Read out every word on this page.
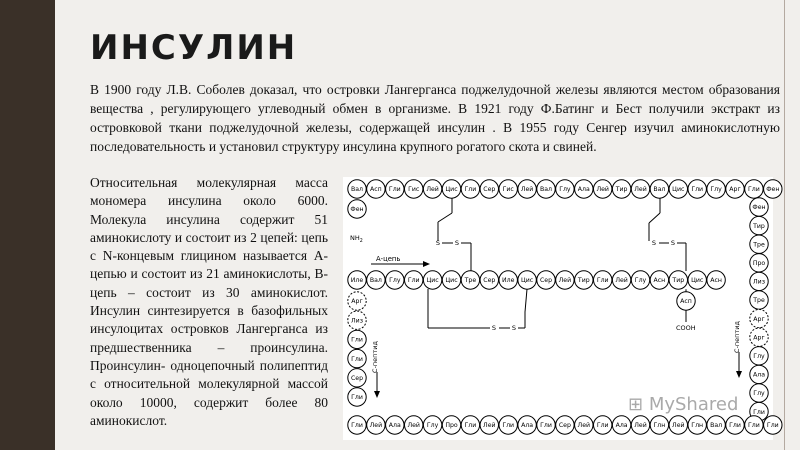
ИНСУЛИН
В 1900 году Л.В. Соболев доказал, что островки Лангерганса поджелудочной железы являются местом образования вещества , регулирующего углеводный обмен в организме. В 1921 году Ф.Батинг и Бест получили экстракт из островковой ткани поджелудочной железы, содержащей инсулин . В 1955 году Сенгер изучил аминокислотную последовательность и установил структуру инсулина крупного рогатого скота и свиней.
Относительная молекулярная масса мономера инсулина около 6000. Молекула инсулина содержит 51 аминокислоту и состоит из 2 цепей: цепь с N-концевым глицином называется А-цепью и состоит из 21 аминокислоты, В-цепь – состоит из 30 аминокислот. Инсулин синтезируется в базофильных инсулоцитах островков Лангерганса из предшественника – проинсулина. Проинсулин- одноцепочный полипептид с относительной молекулярной массой около 10000, содержит более 80 аминокислот.
Вал Асп Гли Гис Лей Цис Гли Сер Гис Лей Вал Глу Ала Лей Тир Лей Вал Цис Гли Глу Арг Гли Фен
Фен
$NH_2$
Фен
Тир
Тре
Про
Лиз
Тре
Арг
Арг
Глу
Ала
Глу
Гли
Иле Вал Глу Гли Цис Цис Тре Сер Иле Цис Сер Лей Тир Гли Лей Глу Асн Тир Цис Асн
Асп
COOH
А-цепь
S S	S S
S S
Арг
Лиз
Гли
Гли
Сер
Гли
Гли Лей Ала Лей Глу Про Гли Лей Гли Ала Гли Сер Лей Гли Ала Лей Глн Лей Глн Вал Гли Гли Гли
С-пептид
С-пептид
⊞ MyShared
